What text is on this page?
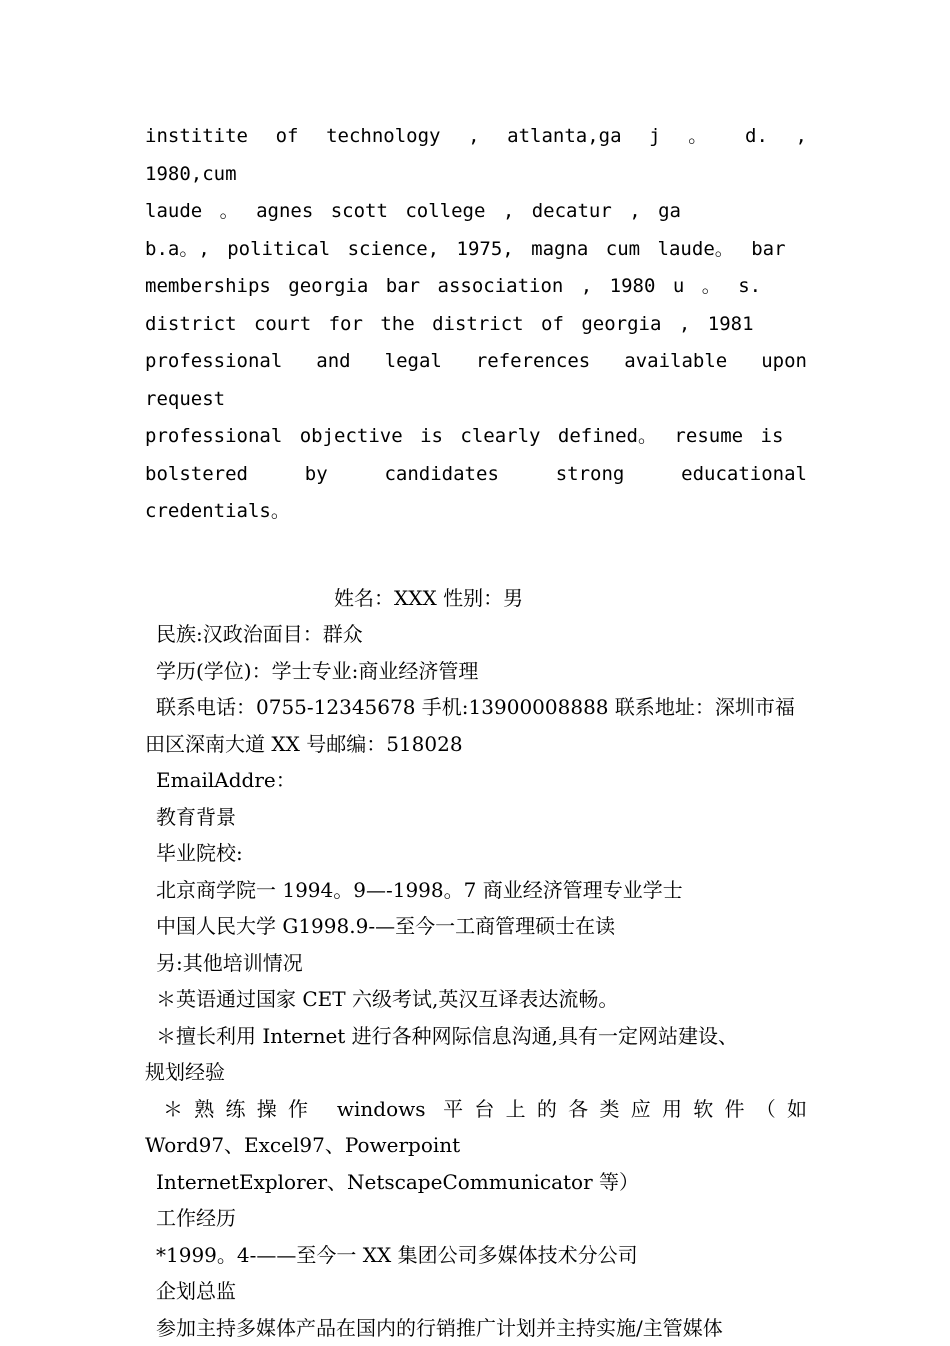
institite of technology , atlanta,ga j 。 d. , 1980,cum

laude 。 agnes scott college , decatur , ga

b.a。, political science, 1975, magna cum laude。 bar

memberships georgia bar association , 1980 u 。 s.

district court for the district of georgia , 1981

professional and legal references available upon request

professional objective is clearly defined。 resume is

bolstered by candidates strong educational credentials。

姓名：XXX 性别：男

民族:汉政治面目：群众

学历(学位)：学士专业:商业经济管理

联系电话：0755-12345678 手机:13900008888 联系地址：深圳市福

田区深南大道 XX 号邮编：518028

EmailAddre：

教育背景

毕业院校:

北京商学院一 1994。9—-1998。7 商业经济管理专业学士

中国人民大学 G1998.9-—至今一工商管理硕士在读

另:其他培训情况

＊英语通过国家 CET 六级考试,英汉互译表达流畅。

＊擅长利用 Internet 进行各种网际信息沟通,具有一定网站建设、

规划经验

＊熟练操作 windows 平台上的各类应用软件（如

Word97、Excel97、Powerpoint

InternetExplorer、NetscapeCommunicator 等）

工作经历

*1999。4-——至今一 XX 集团公司多媒体技术分公司

企划总监

参加主持多媒体产品在国内的行销推广计划并主持实施/主管媒体
